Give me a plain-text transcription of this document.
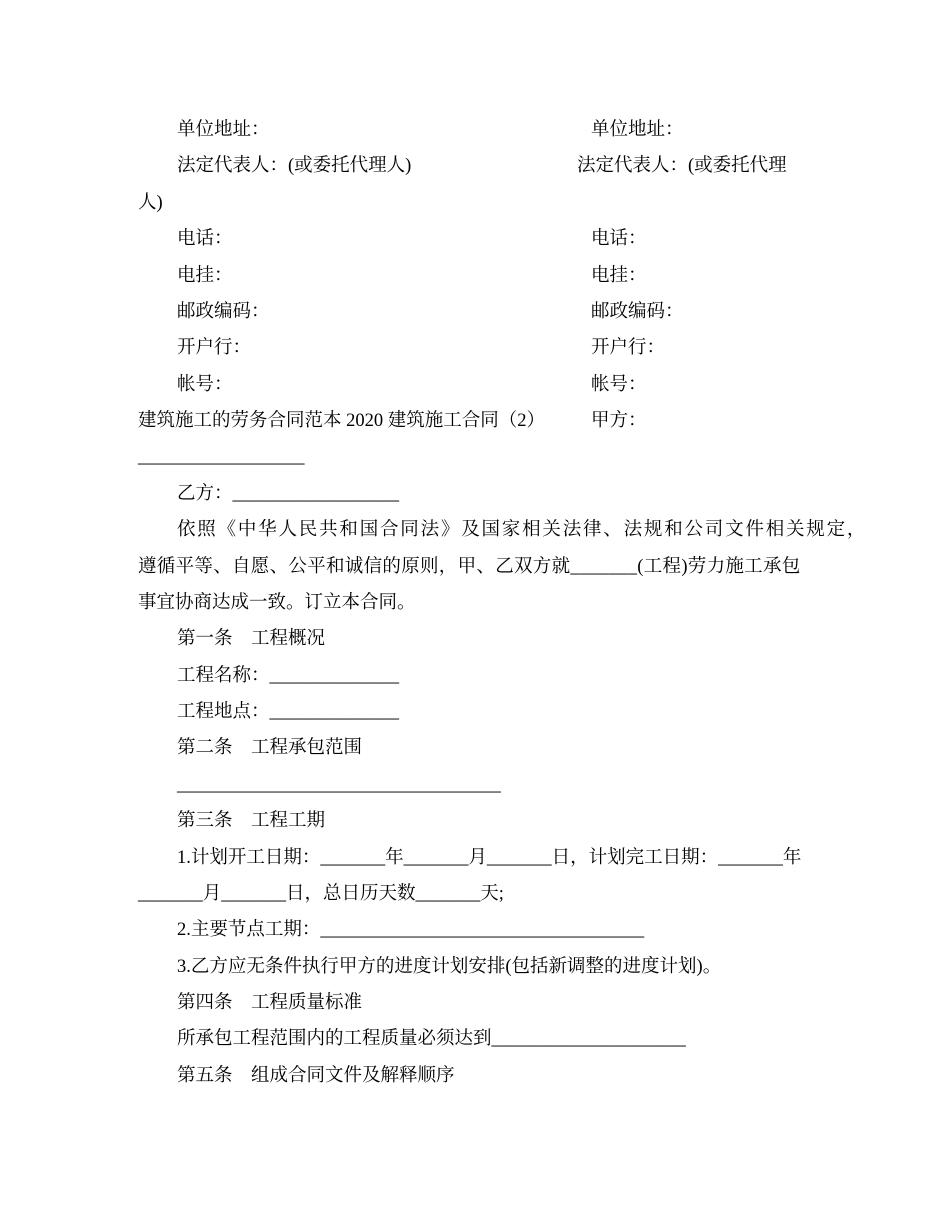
单位地址：	单位地址：
法定代表人：(或委托代理人)	法定代表人：(或委托代理
人)
电话：	电话：
电挂：	电挂：
邮政编码：	邮政编码：
开户行：	开户行：
帐号：	帐号：
建筑施工的劳务合同范本 2020 建筑施工合同（2） 甲方：
__________________
乙方：__________________
依照《中华人民共和国合同法》及国家相关法律、法规和公司文件相关规定，
遵循平等、自愿、公平和诚信的原则，甲、乙双方就_______(工程)劳力施工承包
事宜协商达成一致。订立本合同。
第一条　工程概况
工程名称：______________
工程地点：______________
第二条　工程承包范围
___________________________________
第三条　工程工期
1.计划开工日期：_______年_______月_______日，计划完工日期：_______年
_______月_______日，总日历天数_______天;
2.主要节点工期：___________________________________
3.乙方应无条件执行甲方的进度计划安排(包括新调整的进度计划)。
第四条　工程质量标准
所承包工程范围内的工程质量必须达到_____________________
第五条　组成合同文件及解释顺序
